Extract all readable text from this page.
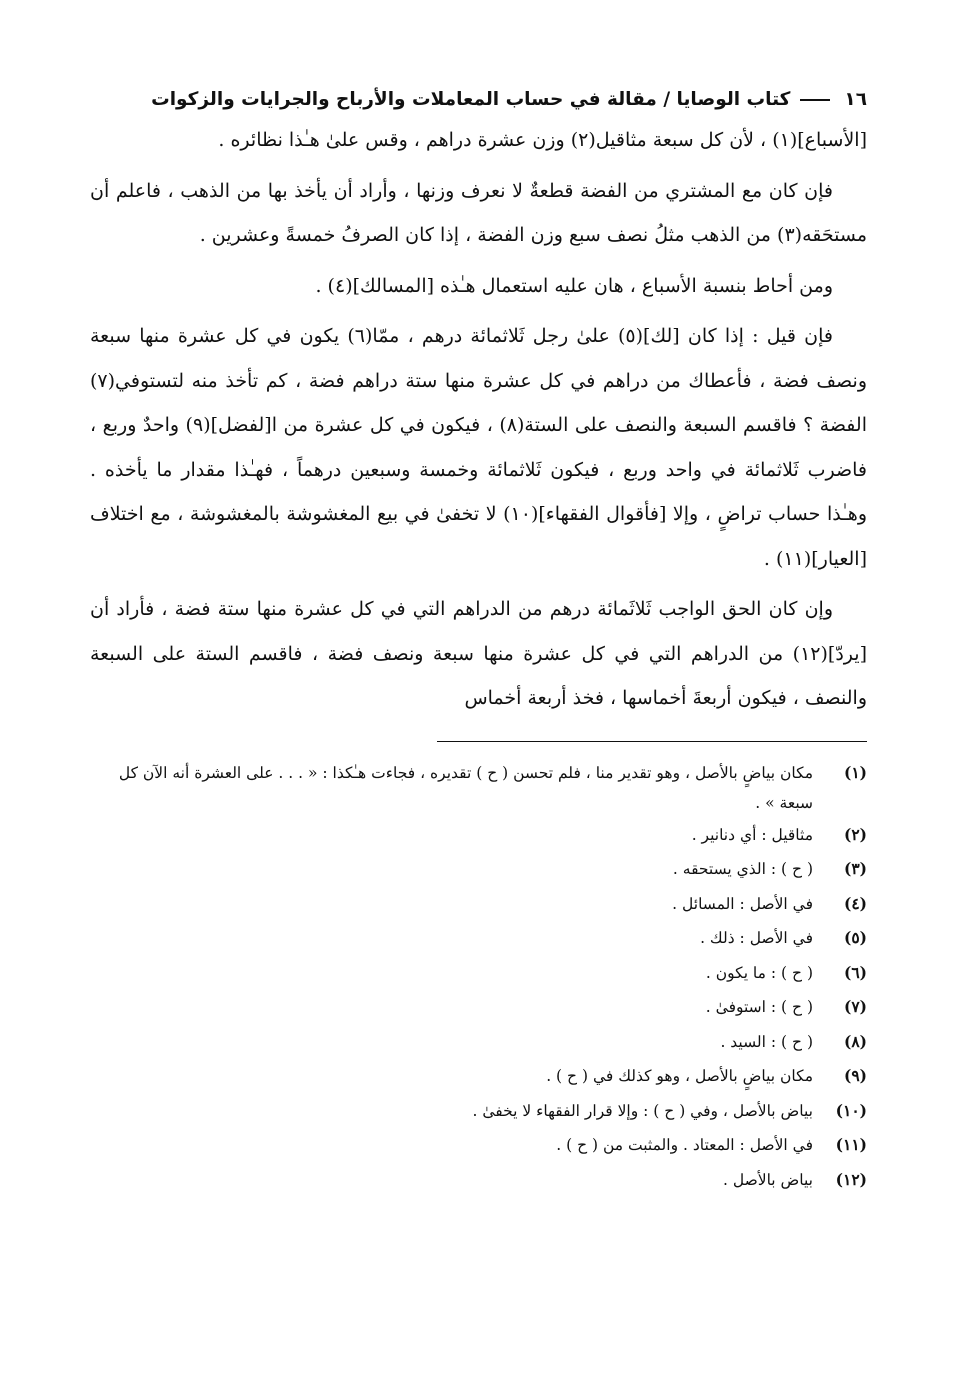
١٦كتاب الوصايا / مقالة في حساب المعاملات والأرباح والجرايات والزكوات

[الأسباع](١) ، لأن كل سبعة مثاقيل(٢) وزن عشرة دراهم ، وقس علىٰ هـٰذا نظائره .

فإن كان مع المشتري من الفضة قطعةٌ لا نعرف وزنها ، وأراد أن يأخذ بها من الذهب ، فاعلم أن مستحَقه(٣) من الذهب مثلُ نصف سبع وزن الفضة ، إذا كان الصرفُ خمسةً وعشرين .

ومن أحاط بنسبة الأسباع ، هان عليه استعمال هـٰذه [المسالك](٤) .

فإن قيل : إذا كان [لك](٥) علىٰ رجل ثَلاثمائة درهم ، ممّا(٦) يكون في كل عشرة منها سبعة ونصف فضة ، فأعطاك من دراهم في كل عشرة منها ستة دراهم فضة ، كم تأخذ منه لتستوفي(٧) الفضة ؟ فاقسم السبعة والنصف على الستة(٨) ، فيكون في كل عشرة من ا[لفضل](٩) واحدٌ وربع ، فاضرب ثَلاثمائة في واحد وربع ، فيكون ثَلاثمائة وخمسة وسبعين درهماً ، فهـٰذا مقدار ما يأخذه . وهـٰذا حساب تراضٍ ، وإلا [فأقوال الفقهاء](١٠) لا تخفىٰ في بيع المغشوشة بالمغشوشة ، مع اختلاف [العيار](١١) .

وإن كان الحق الواجب ثَلاثَمائة درهم من الدراهم التي في كل عشرة منها ستة فضة ، فأراد أن [يردّ](١٢) من الدراهم التي في كل عشرة منها سبعة ونصف فضة ، فاقسم الستة على السبعة والنصف ، فيكون أربعةَ أخماسها ، فخذ أربعة أخماس

(١)
مكان بياضٍ بالأصل ، وهو تقدير منا ، فلم تحسن ( ح ) تقديره ، فجاءت هـٰكذا : « . . . على العشرة أنه الآن كل سبعة » .
(٢)
مثاقيل : أي دنانير .
(٣)
( ح ) : الذي يستحقه .
(٤)
في الأصل : المسائل .
(٥)
في الأصل : ذلك .
(٦)
( ح ) : ما يكون .
(٧)
( ح ) : استوفىٰ .
(٨)
( ح ) : السيد .
(٩)
مكان بياضٍ بالأصل ، وهو كذلك في ( ح ) .
(١٠)
بياض بالأصل ، وفي ( ح ) : وإلا قرار الفقهاء لا يخفىٰ .
(١١)
في الأصل : المعتاد . والمثبت من ( ح ) .
(١٢)
بياض بالأصل .
